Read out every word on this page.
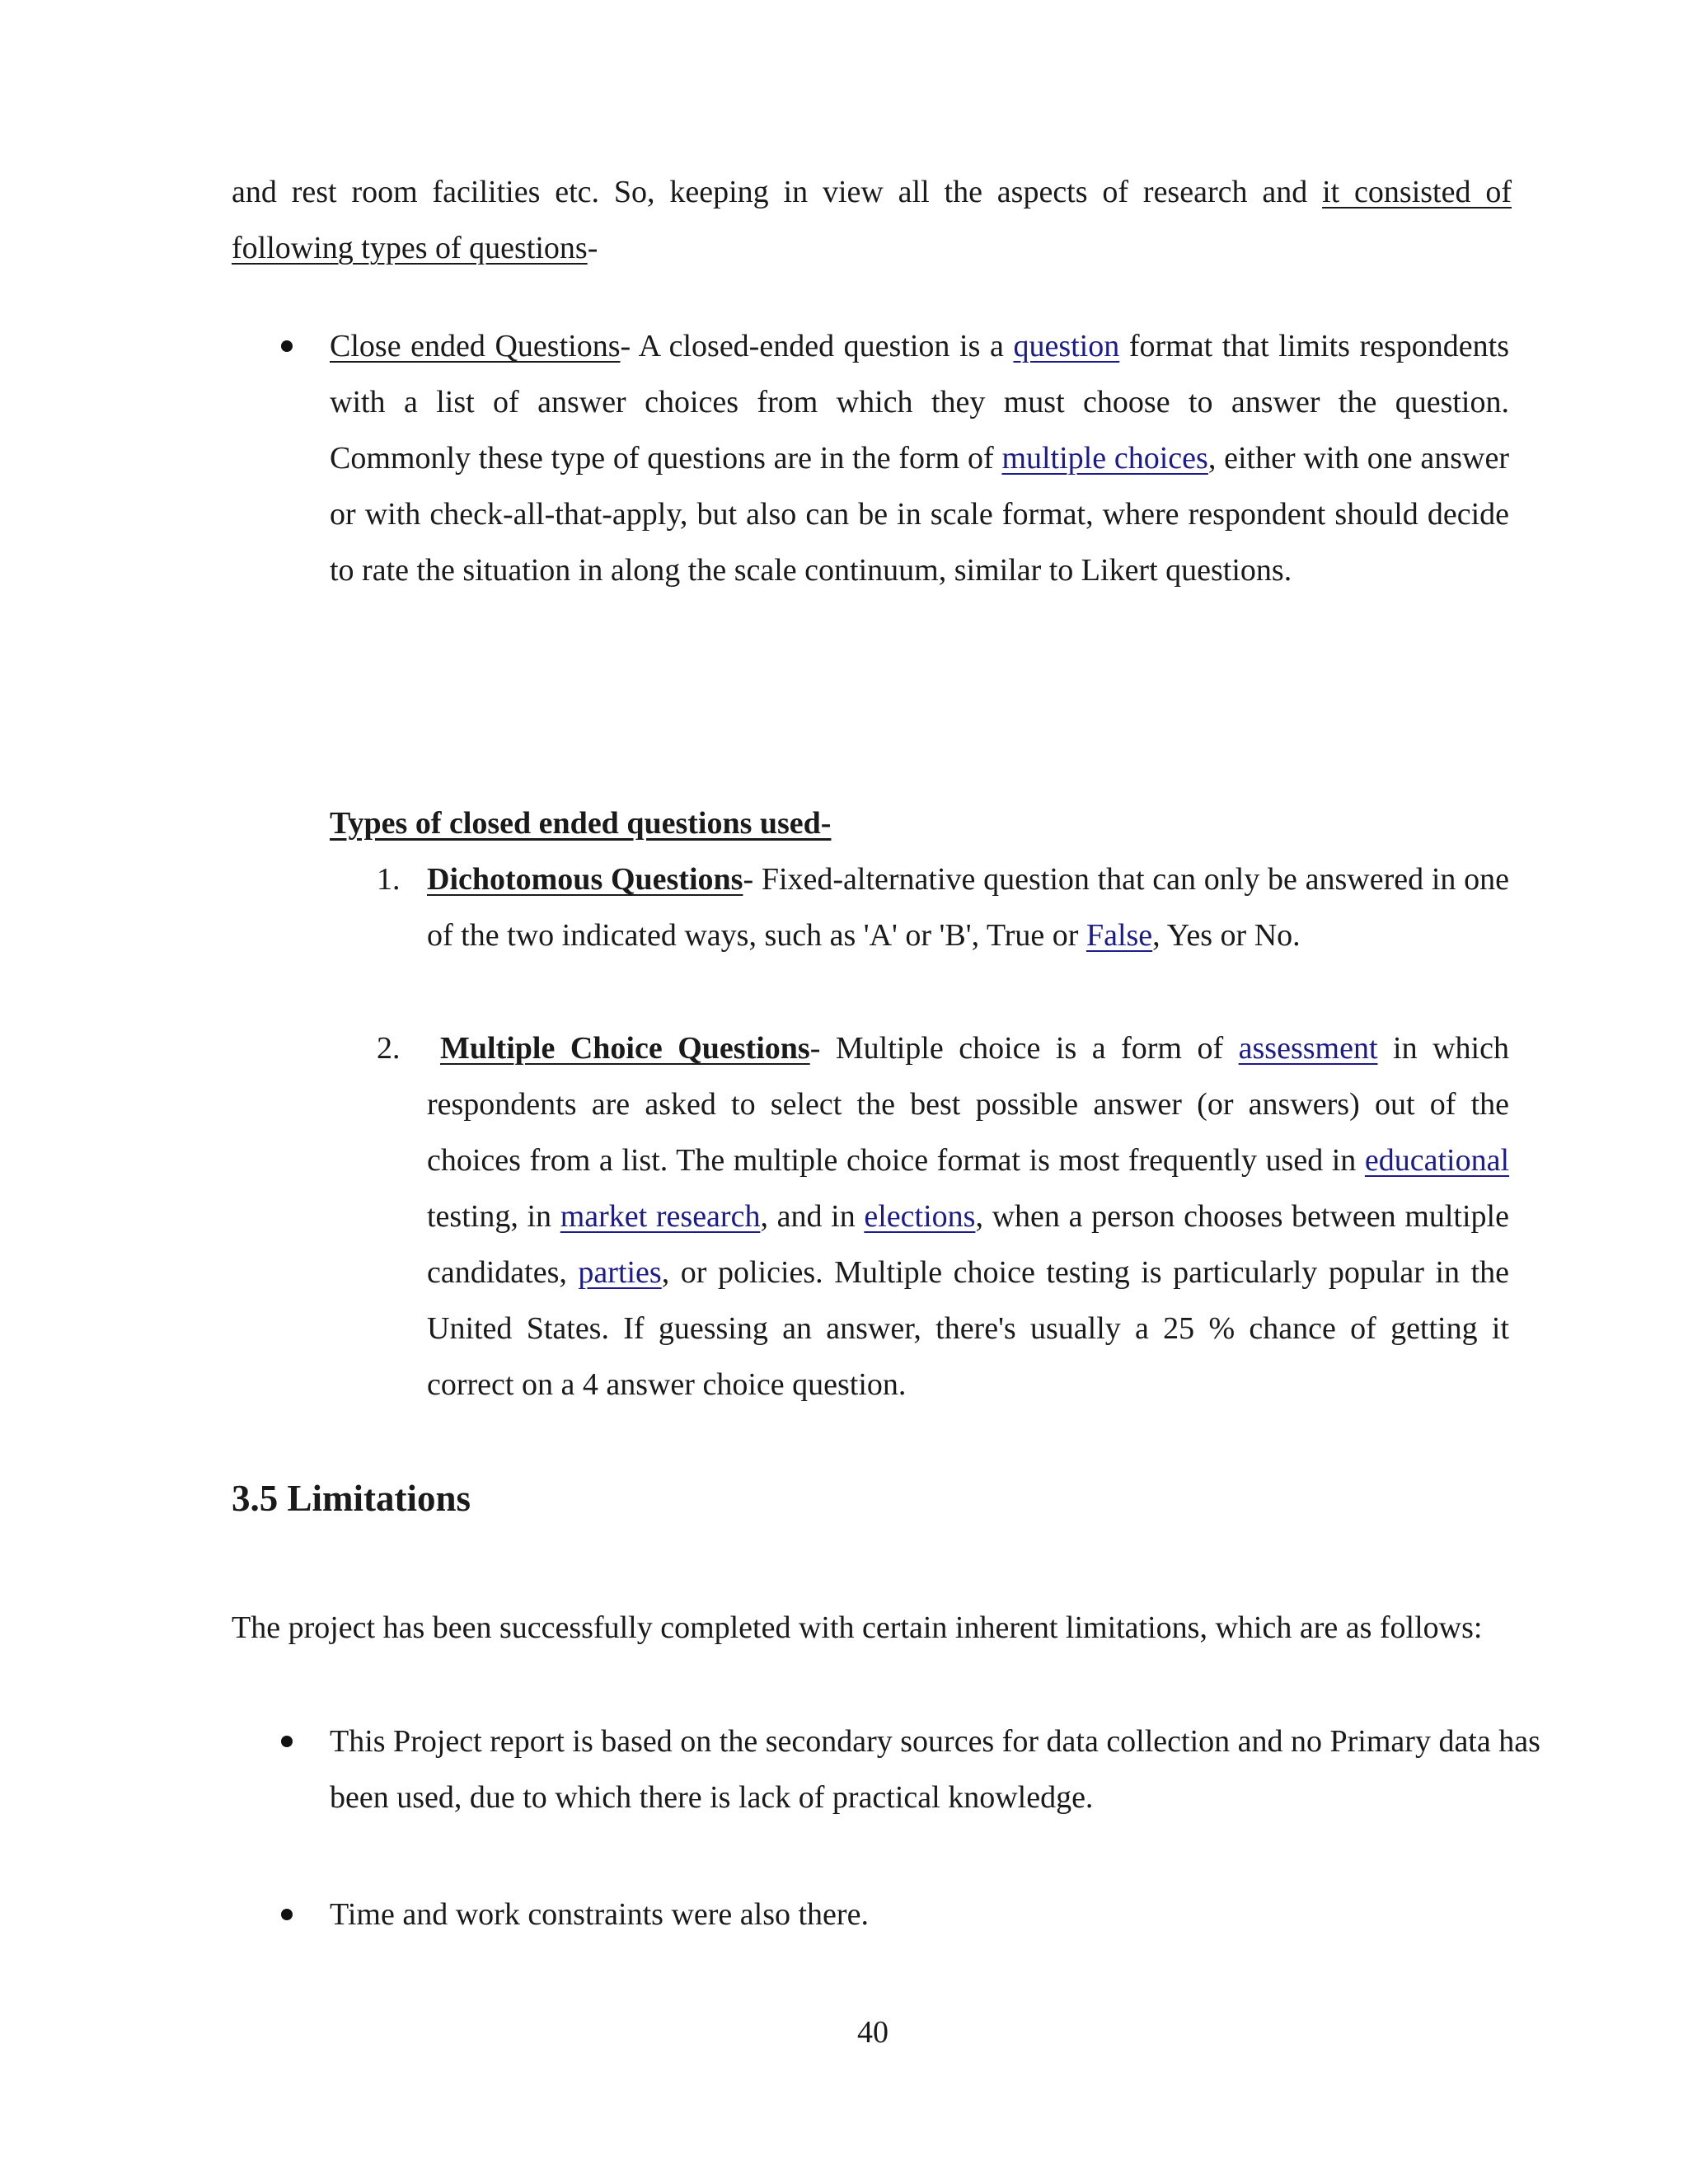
and rest room facilities etc. So, keeping in view all the aspects of research and it consisted of following types of questions-

Close ended Questions- A closed-ended question is a question format that limits respondents with a list of answer choices from which they must choose to answer the question. Commonly these type of questions are in the form of multiple choices, either with one answer or with check-all-that-apply, but also can be in scale format, where respondent should decide to rate the situation in along the scale continuum, similar to Likert questions.

Types of closed ended questions used-

1. Dichotomous Questions- Fixed-alternative question that can only be answered in one of the two indicated ways, such as 'A' or 'B', True or False, Yes or No.

2.	Multiple Choice Questions- Multiple choice is a form of assessment in which respondents are asked to select the best possible answer (or answers) out of the choices from a list. The multiple choice format is most frequently used in educational testing, in market research, and in elections, when a person chooses between multiple candidates, parties, or policies. Multiple choice testing is particularly popular in the United States. If guessing an answer, there's usually a 25 % chance of getting it correct on a 4 answer choice question.

3.5 Limitations

The project has been successfully completed with certain inherent limitations, which are as follows:

This Project report is based on the secondary sources for data collection and no Primary data has been used, due to which there is lack of practical knowledge.

Time and work constraints were also there.

40
